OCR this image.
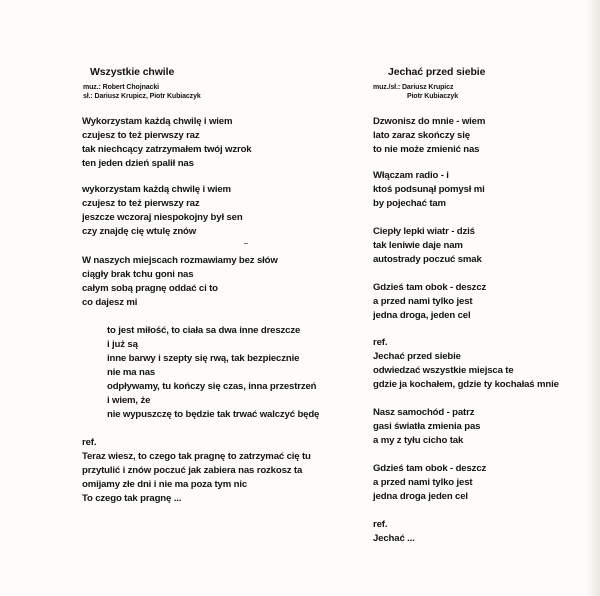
Wszystkie chwile
muz.: Robert Chojnacki
sł.: Dariusz Krupicz, Piotr Kubiaczyk
Wykorzystam każdą chwilę i wiem
czujesz to też pierwszy raz
tak niechcący zatrzymałem twój wzrok
ten jeden dzień spalił nas
wykorzystam każdą chwilę i wiem
czujesz to też pierwszy raz
jeszcze wczoraj niespokojny był sen
czy znajdę cię wtulę znów
W naszych miejscach rozmawiamy bez słów
ciągły brak tchu goni nas
całym sobą pragnę oddać ci to
co dajesz mi
to jest miłość, to ciała sa dwa inne dreszcze
i już są
inne barwy i szepty się rwą, tak bezpiecznie
nie ma nas
odpływamy, tu kończy się czas, inna przestrzeń
i wiem, że
nie wypuszczę to będzie tak trwać walczyć będę
ref.
Teraz wiesz, to czego tak pragnę to zatrzymać cię tu
przytulić i znów poczuć jak zabiera nas rozkosz ta
omijamy złe dni i nie ma poza tym nic
To czego tak pragnę ...
Jechać przed siebie
muz./sł.: Dariusz Krupicz
Piotr Kubiaczyk
Dzwonisz do mnie - wiem
lato zaraz skończy się
to nie może zmienić nas
Włączam radio - i
ktoś podsunął pomysł mi
by pojechać tam
Ciepły lepki wiatr - dziś
tak leniwie daje nam
autostrady poczuć smak
Gdzieś tam obok - deszcz
a przed nami tylko jest
jedna droga, jeden cel
ref.
Jechać przed siebie
odwiedzać wszystkie miejsca te
gdzie ja kochałem, gdzie ty kochałaś mnie
Nasz samochód - patrz
gasi światła zmienia pas
a my z tyłu cicho tak
Gdzieś tam obok - deszcz
a przed nami tylko jest
jedna droga jeden cel
ref.
Jechać ...
